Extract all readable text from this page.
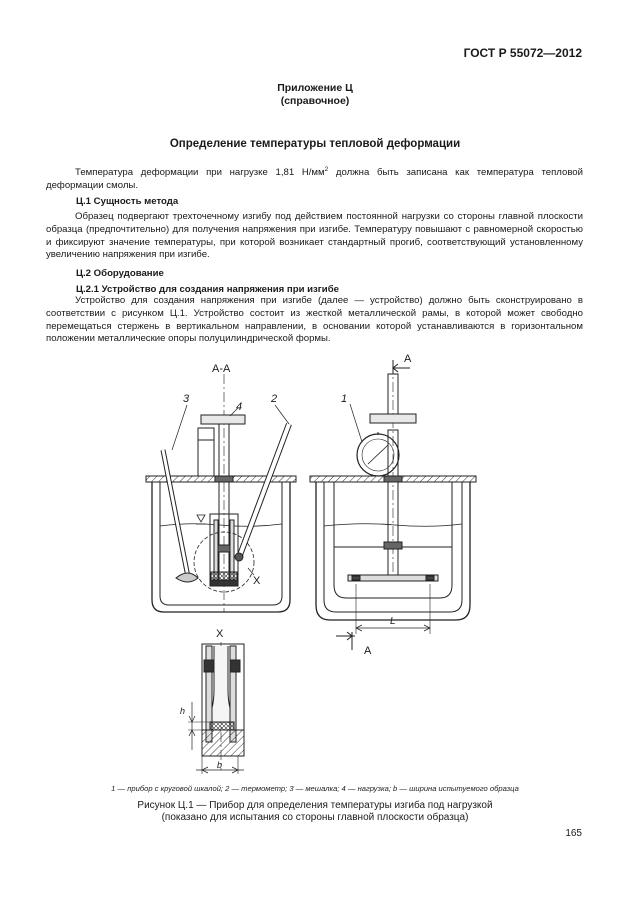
ГОСТ Р 55072—2012
Приложение Ц
(справочное)
Определение температуры тепловой деформации
Температура деформации при нагрузке 1,81 $Н/мм^2$ должна быть записана как температура тепловой деформации смолы.
Ц.1 Сущность метода
Образец подвергают трехточечному изгибу под действием постоянной нагрузки со стороны главной плоскости образца (предпочтительно) для получения напряжения при изгибе. Температуру повышают с равномерной скоростью и фиксируют значение температуры, при которой возникает стандартный прогиб, соответствующий установленному увеличению напряжения при изгибе.
Ц.2 Оборудование
Ц.2.1 Устройство для создания напряжения при изгибе
Устройство для создания напряжения при изгибе (далее — устройство) должно быть сконструировано в соответствии с рисунком Ц.1. Устройство состоит из жесткой металлической рамы, в которой может свободно перемещаться стержень в вертикальном направлении, в основании которой устанавливаются в горизонтальном положении металлические опоры полуцилиндрической формы.
А-А
3	2
4
1
X
X
А
А
L
h
b
1 — прибор с круговой шкалой; 2 — термометр; 3 — мешалка; 4 — нагрузка; b — ширина испытуемого образца
Рисунок Ц.1 — Прибор для определения температуры изгиба под нагрузкой
(показано для испытания со стороны главной плоскости образца)
165
